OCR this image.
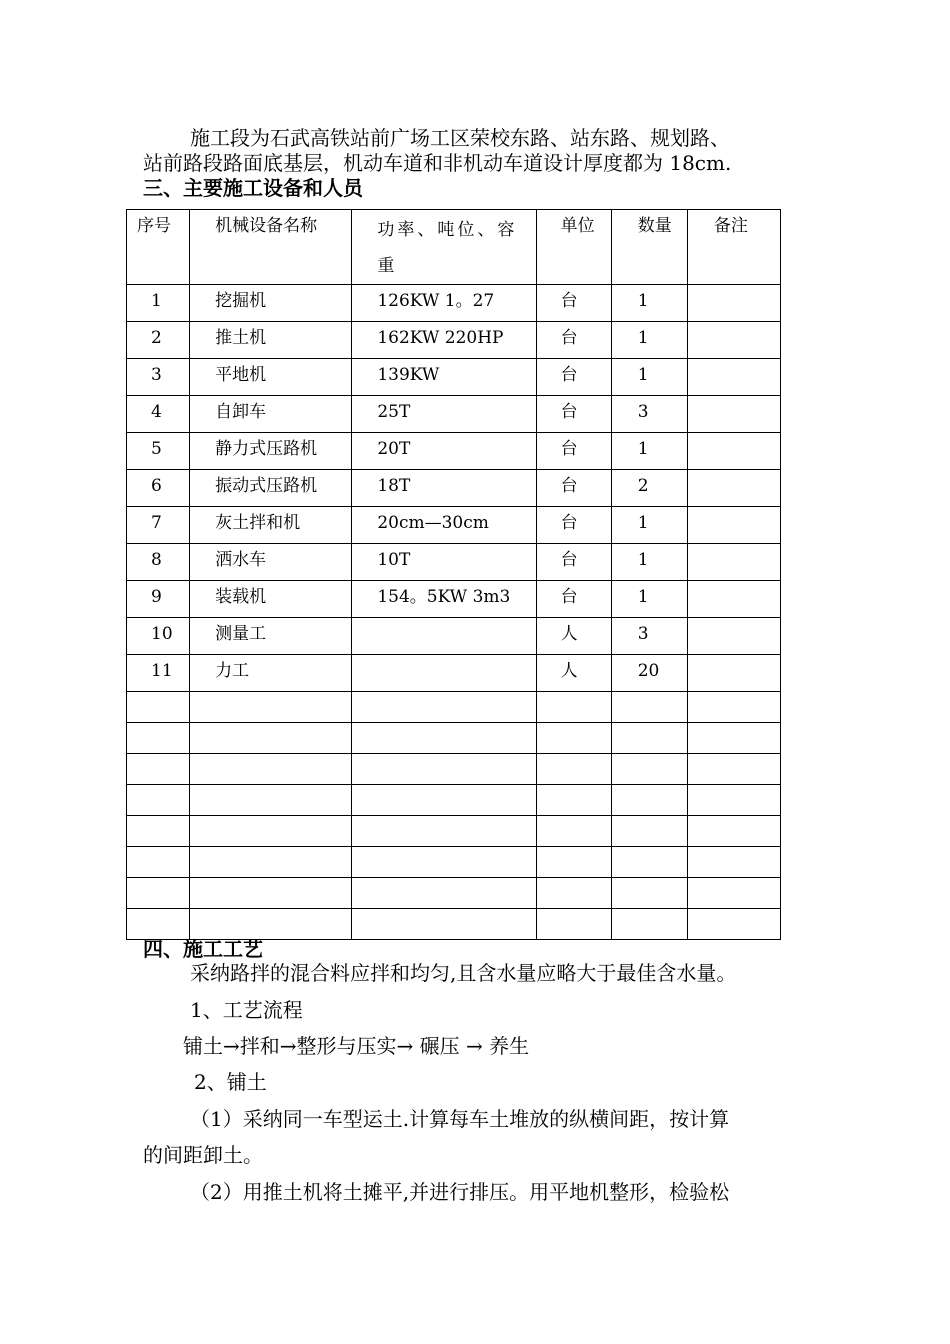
施工段为石武高铁站前广场工区荣校东路、站东路、规划路、
站前路段路面底基层，机动车道和非机动车道设计厚度都为 18cm.
三、主要施工设备和人员
序号	机械设备名称	功率、吨位、容重	单位	数量	备注

1	挖掘机	126KW 1。27	台	1	

2	推土机	162KW 220HP	台	1	

3	平地机	139KW	台	1	

4	自卸车	25T	台	3	

5	静力式压路机	20T	台	1	

6	振动式压路机	18T	台	2	

7	灰土拌和机	20cm—30cm	台	1	

8	洒水车	10T	台	1	

9	装载机	154。5KW 3m3	台	1	

10	测量工		人	3	

11	力工		人	20	

四、施工工艺
采纳路拌的混合料应拌和均匀,且含水量应略大于最佳含水量。
1、工艺流程
铺土→拌和→整形与压实→ 碾压 → 养生
2、铺土
（1）采纳同一车型运土.计算每车土堆放的纵横间距，按计算
的间距卸土。
（2）用推土机将土摊平,并进行排压。用平地机整形，检验松
